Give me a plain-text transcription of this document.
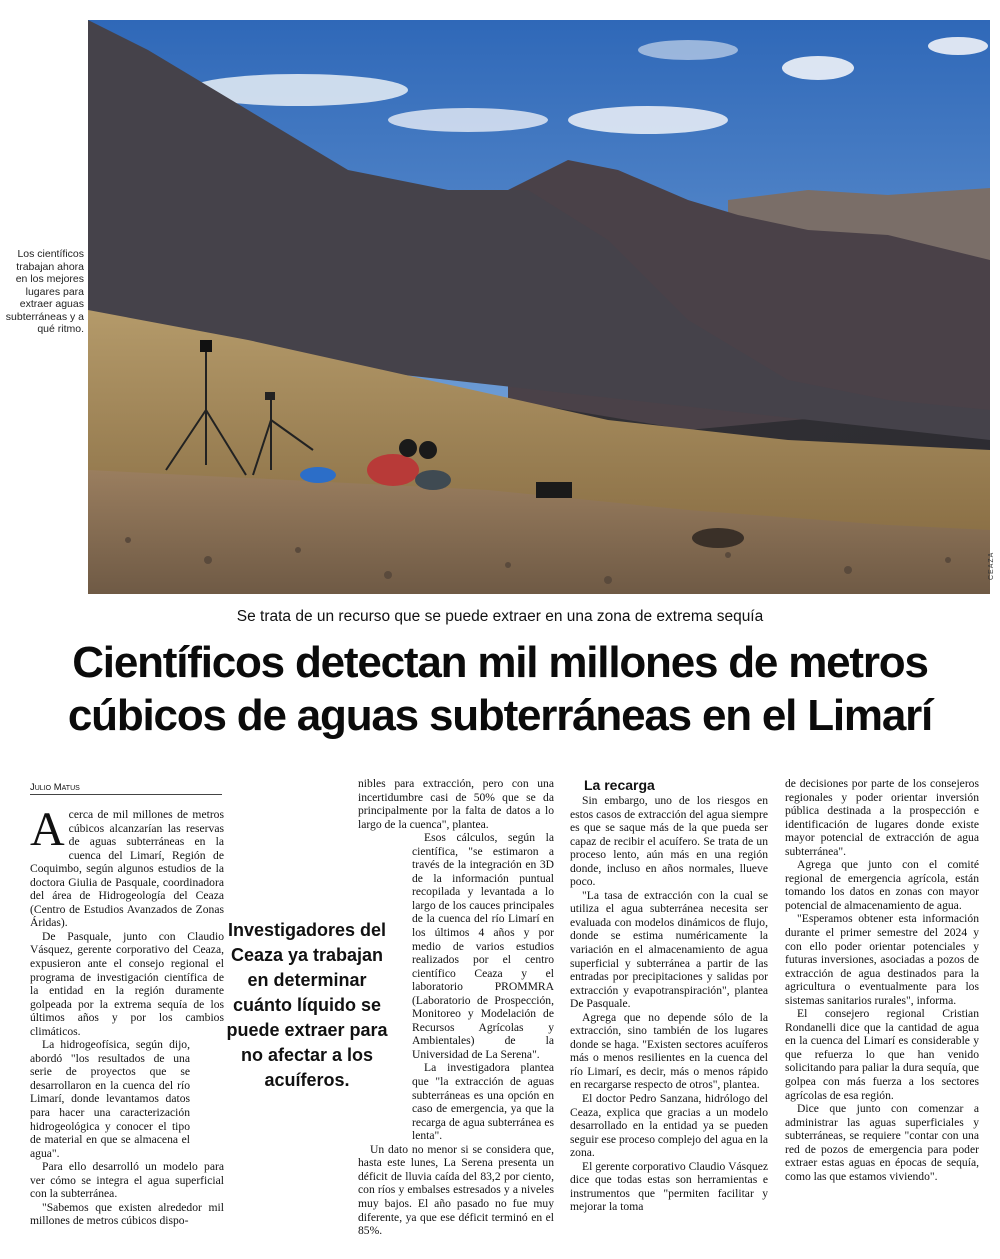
CEAZA
Los científicos trabajan ahora en los mejores lugares para extraer aguas subterráneas y a qué ritmo.
Se trata de un recurso que se puede extraer en una zona de extrema sequía
Científicos detectan mil millones de metros cúbicos de aguas subterráneas en el Limarí
Julio Matus

Acerca de mil millones de metros cúbicos alcanzarían las reservas de aguas subterráneas en la cuenca del Limarí, Región de Coquimbo, según algunos estudios de la doctora Giulia de Pasquale, coordinadora del área de Hidrogeología del Ceaza (Centro de Estudios Avanzados de Zonas Áridas).

De Pasquale, junto con Claudio Vásquez, gerente corporativo del Ceaza, expusieron ante el consejo regional el programa de investigación científica de la entidad en la región duramente golpeada por la extrema sequía de los últimos años y por los cambios climáticos.

La hidrogeofísica, según dijo, abordó "los resultados de una serie de proyectos que se desarrollaron en la cuenca del río Limarí, donde levantamos datos para hacer una caracterización hidrogeológica y conocer el tipo de material en que se almacena el agua".

Para ello desarrolló un modelo para ver cómo se integra el agua superficial con la subterránea.

"Sabemos que existen alrededor mil millones de metros cúbicos dispo-

Investigadores del Ceaza ya trabajan en determinar cuánto líquido se puede extraer para no afectar a los acuíferos.

nibles para extracción, pero con una incertidumbre casi de 50% que se da principalmente por la falta de datos a lo largo de la cuenca", plantea.

Esos cálculos, según la científica, "se estimaron a través de la integración en 3D de la información puntual recopilada y levantada a lo largo de los cauces principales de la cuenca del río Limarí en los últimos 4 años y por medio de varios estudios realizados por el centro científico Ceaza y el laboratorio PROMMRA (Laboratorio de Prospección, Monitoreo y Modelación de Recursos Agrícolas y Ambientales) de la Universidad de La Serena".

La investigadora plantea que "la extracción de aguas subterráneas es una opción en caso de emergencia, ya que la recarga de agua subterránea es lenta".

Un dato no menor si se considera que, hasta este lunes, La Serena presenta un déficit de lluvia caída del 83,2 por ciento, con ríos y embalses estresados y a niveles muy bajos. El año pasado no fue muy diferente, ya que ese déficit terminó en el 85%.

La recarga

Sin embargo, uno de los riesgos en estos casos de extracción del agua siempre es que se saque más de la que pueda ser capaz de recibir el acuífero. Se trata de un proceso lento, aún más en una región donde, incluso en años normales, llueve poco.

"La tasa de extracción con la cual se utiliza el agua subterránea necesita ser evaluada con modelos dinámicos de flujo, donde se estima numéricamente la variación en el almacenamiento de agua superficial y subterránea a partir de las entradas por precipitaciones y salidas por extracción y evapotranspiración", plantea De Pasquale.

Agrega que no depende sólo de la extracción, sino también de los lugares donde se haga. "Existen sectores acuíferos más o menos resilientes en la cuenca del río Limarí, es decir, más o menos rápido en recargarse respecto de otros", plantea.

El doctor Pedro Sanzana, hidrólogo del Ceaza, explica que gracias a un modelo desarrollado en la entidad ya se pueden seguir ese proceso complejo del agua en la zona.

El gerente corporativo Claudio Vásquez dice que todas estas son herramientas e instrumentos que "permiten facilitar y mejorar la toma

de decisiones por parte de los consejeros regionales y poder orientar inversión pública destinada a la prospección e identificación de lugares donde existe mayor potencial de extracción de agua subterránea".

Agrega que junto con el comité regional de emergencia agrícola, están tomando los datos en zonas con mayor potencial de almacenamiento de agua.

"Esperamos obtener esta información durante el primer semestre del 2024 y con ello poder orientar potenciales y futuras inversiones, asociadas a pozos de extracción de agua destinados para la agricultura o eventualmente para los sistemas sanitarios rurales", informa.

El consejero regional Cristian Rondanelli dice que la cantidad de agua en la cuenca del Limarí es considerable y que refuerza lo que han venido solicitando para paliar la dura sequía, que golpea con más fuerza a los sectores agrícolas de esa región.

Dice que junto con comenzar a administrar las aguas superficiales y subterráneas, se requiere "contar con una red de pozos de emergencia para poder extraer estas aguas en épocas de sequía, como las que estamos viviendo".
